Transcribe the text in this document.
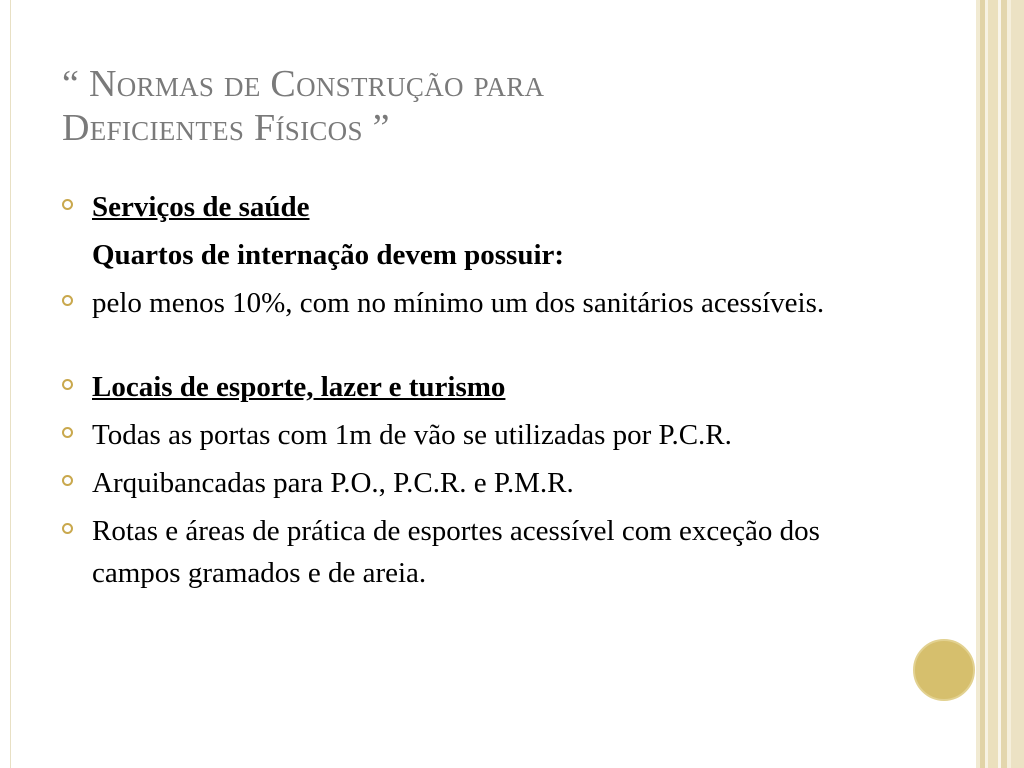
“ Normas de Construção para
Deficientes Físicos ”
Serviços de saúde
Quartos de internação devem possuir:
pelo menos 10%, com no mínimo um dos sanitários acessíveis.
Locais de esporte, lazer e turismo
Todas as portas com 1m de vão se utilizadas por P.C.R.
Arquibancadas para P.O., P.C.R. e P.M.R.
Rotas e áreas de prática de esportes acessível com exceção dos campos gramados e de areia.
